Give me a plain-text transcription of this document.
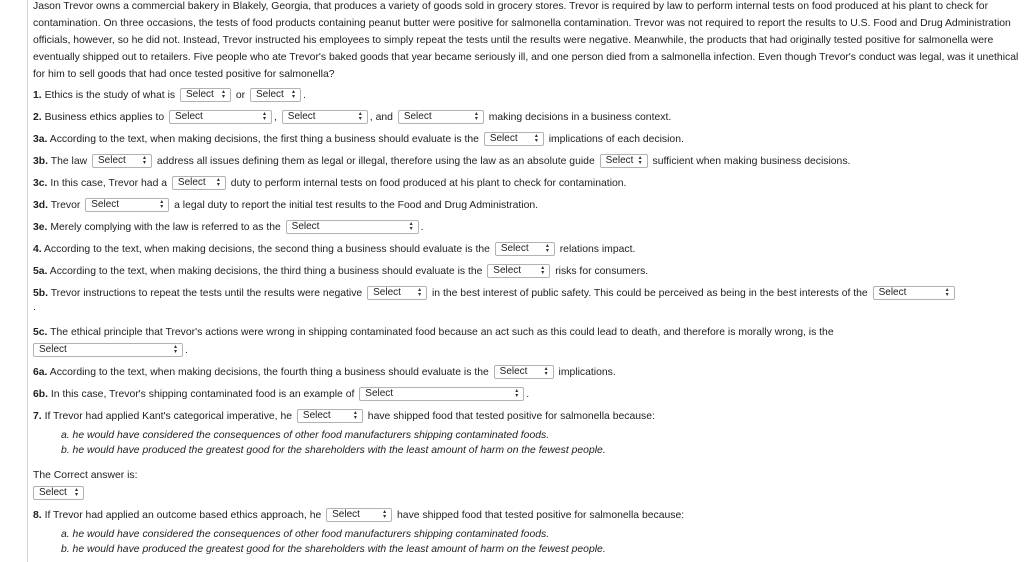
Jason Trevor owns a commercial bakery in Blakely, Georgia, that produces a variety of goods sold in grocery stores. Trevor is required by law to perform internal tests on food produced at his plant to check for contamination. On three occasions, the tests of food products containing peanut butter were positive for salmonella contamination. Trevor was not required to report the results to U.S. Food and Drug Administration officials, however, so he did not. Instead, Trevor instructed his employees to simply repeat the tests until the results were negative. Meanwhile, the products that had originally tested positive for salmonella were eventually shipped out to retailers. Five people who ate Trevor's baked goods that year became seriously ill, and one person died from a salmonella infection. Even though Trevor's conduct was legal, was it unethical for him to sell goods that had once tested positive for salmonella?
1. Ethics is the study of what is Select ▴▾ or Select ▴▾ .
2. Business ethics applies to Select ▴▾	, Select ▴▾	, and Select ▴▾	making decisions in a business context.
3a. According to the text, when making decisions, the first thing a business should evaluate is the Select ▴▾	implications of each decision.
3b. The law Select ▴▾	address all issues defining them as legal or illegal, therefore using the law as an absolute guide Select ▴▾ sufficient when making business decisions.
3c. In this case, Trevor had a Select ▴▾ duty to perform internal tests on food produced at his plant to check for contamination.
3d. Trevor Select ▴▾	a legal duty to report the initial test results to the Food and Drug Administration.
3e. Merely complying with the law is referred to as the Select ▴▾	.
4. According to the text, when making decisions, the second thing a business should evaluate is the Select ▴▾	relations impact.
5a. According to the text, when making decisions, the third thing a business should evaluate is the Select ▴▾	risks for consumers.
5b. Trevor instructions to repeat the tests until the results were negative Select ▴▾	in the best interest of public safety. This could be perceived as being in the best interests of the Select ▴▾
.
5c. The ethical principle that Trevor's actions were wrong in shipping contaminated food because an act such as this could lead to death, and therefore is morally wrong, is the
Select ▴▾	.
6a. According to the text, when making decisions, the fourth thing a business should evaluate is the Select ▴▾	implications.
6b. In this case, Trevor's shipping contaminated food is an example of Select ▴▾	.
7. If Trevor had applied Kant's categorical imperative, he Select ▴▾	have shipped food that tested positive for salmonella because:
a. he would have considered the consequences of other food manufacturers shipping contaminated foods.
b. he would have produced the greatest good for the shareholders with the least amount of harm on the fewest people.
The Correct answer is:
Select ▴▾
8. If Trevor had applied an outcome based ethics approach, he Select ▴▾	have shipped food that tested positive for salmonella because:
a. he would have considered the consequences of other food manufacturers shipping contaminated foods.
b. he would have produced the greatest good for the shareholders with the least amount of harm on the fewest people.
